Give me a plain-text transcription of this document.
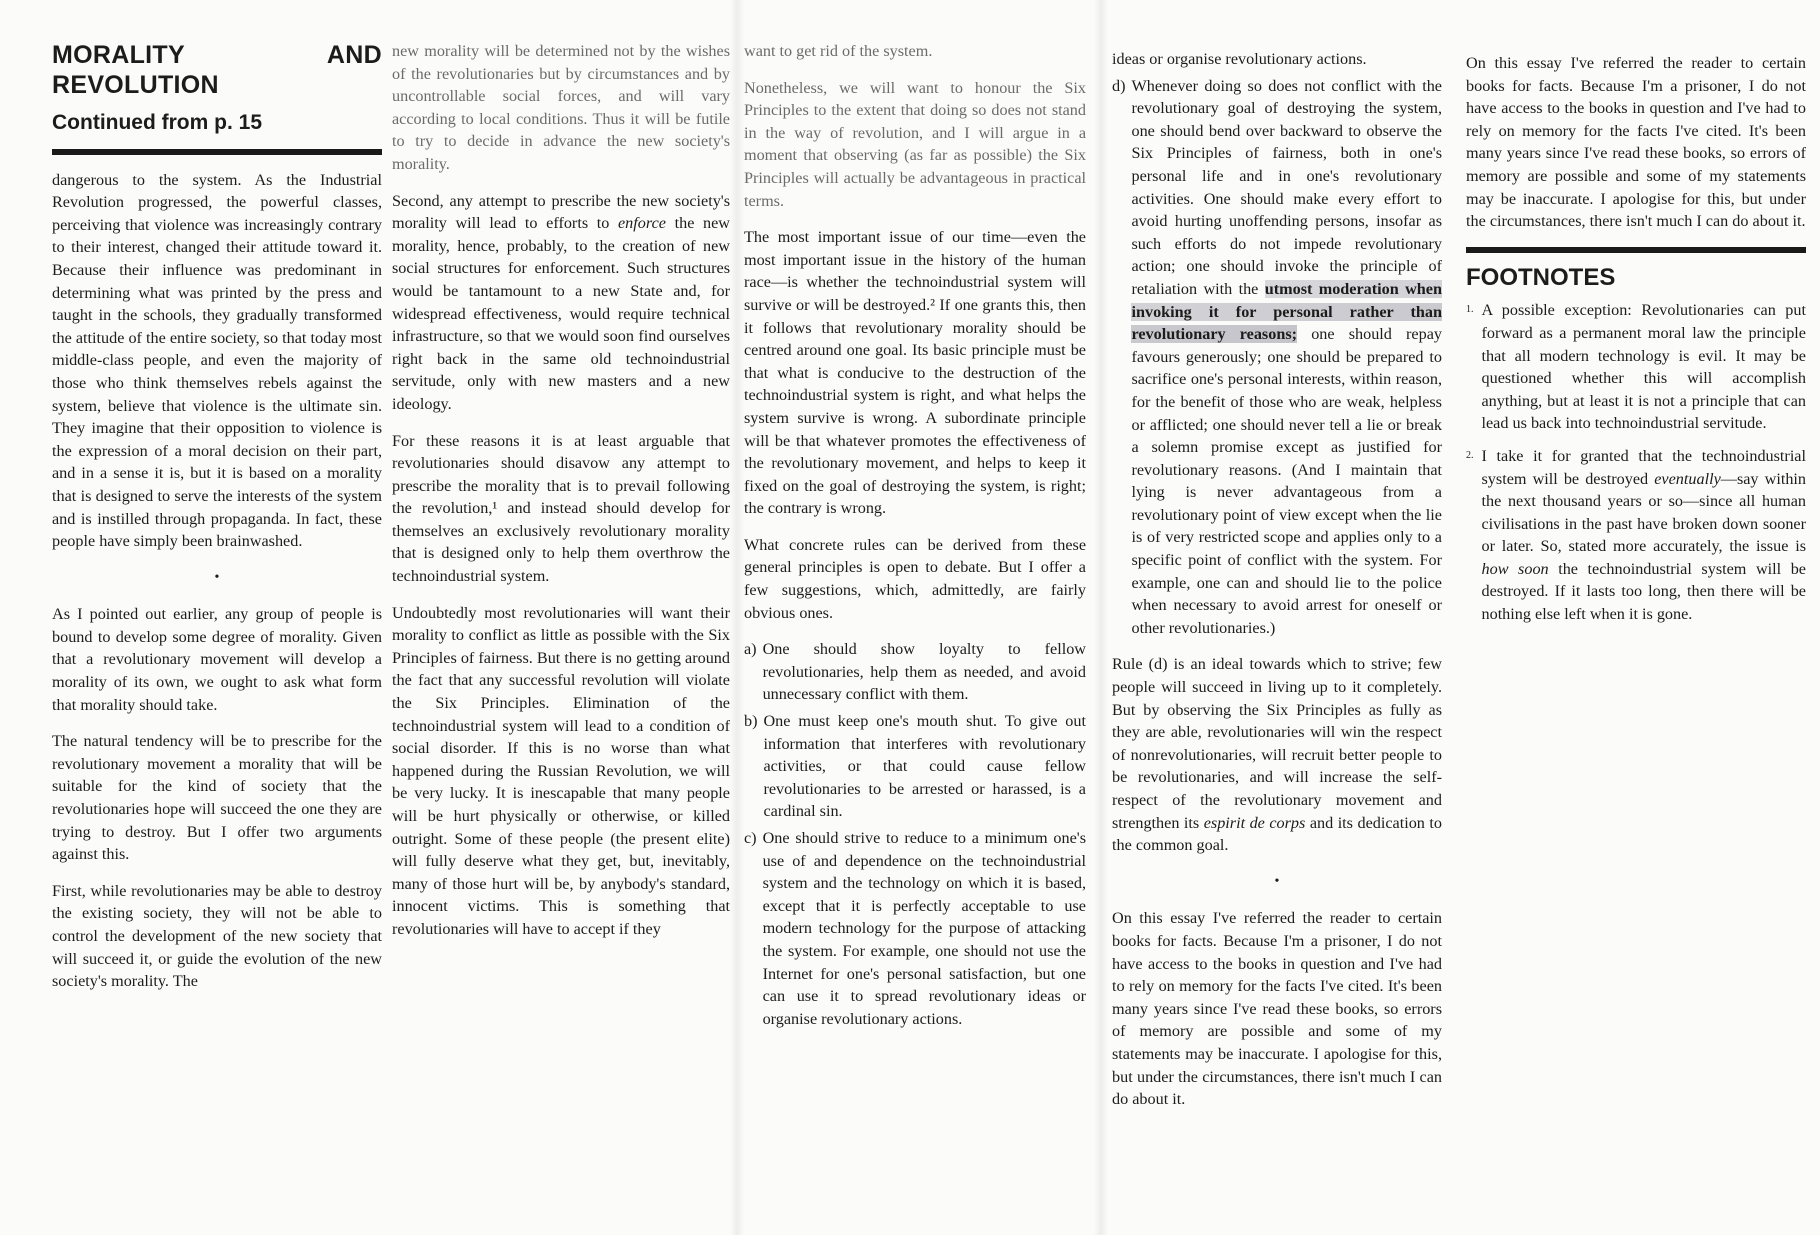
MORALITY AND REVOLUTION
Continued from p. 15

dangerous to the system. As the Industrial Revolution progressed, the powerful classes, perceiving that violence was increasingly contrary to their interest, changed their attitude toward it. Because their influence was predominant in determining what was printed by the press and taught in the schools, they gradually transformed the attitude of the entire society, so that today most middle-class people, and even the majority of those who think themselves rebels against the system, believe that violence is the ultimate sin. They imagine that their opposition to violence is the expression of a moral decision on their part, and in a sense it is, but it is based on a morality that is designed to serve the interests of the system and is instilled through propaganda. In fact, these people have simply been brainwashed.

•

As I pointed out earlier, any group of people is bound to develop some degree of morality. Given that a revolutionary movement will develop a morality of its own, we ought to ask what form that morality should take.

The natural tendency will be to prescribe for the revolutionary movement a morality that will be suitable for the kind of society that the revolutionaries hope will succeed the one they are trying to destroy. But I offer two arguments against this.

First, while revolutionaries may be able to destroy the existing society, they will not be able to control the development of the new society that will succeed it, or guide the evolution of the new society's morality. The

new morality will be determined not by the wishes of the revolutionaries but by circumstances and by uncontrollable social forces, and will vary according to local conditions. Thus it will be futile to try to decide in advance the new society's morality.

Second, any attempt to prescribe the new society's morality will lead to efforts to enforce the new morality, hence, probably, to the creation of new social structures for enforcement. Such structures would be tantamount to a new State and, for widespread effectiveness, would require technical infrastructure, so that we would soon find ourselves right back in the same old technoindustrial servitude, only with new masters and a new ideology.

For these reasons it is at least arguable that revolutionaries should disavow any attempt to prescribe the morality that is to prevail following the revolution,¹ and instead should develop for themselves an exclusively revolutionary morality that is designed only to help them overthrow the technoindustrial system.

Undoubtedly most revolutionaries will want their morality to conflict as little as possible with the Six Principles of fairness. But there is no getting around the fact that any successful revolution will violate the Six Principles. Elimination of the technoindustrial system will lead to a condition of social disorder. If this is no worse than what happened during the Russian Revolution, we will be very lucky. It is inescapable that many people will be hurt physically or otherwise, or killed outright. Some of these people (the present elite) will fully deserve what they get, but, inevitably, many of those hurt will be, by anybody's standard, innocent victims. This is something that revolutionaries will have to accept if they

want to get rid of the system.

Nonetheless, we will want to honour the Six Principles to the extent that doing so does not stand in the way of revolution, and I will argue in a moment that observing (as far as possible) the Six Principles will actually be advantageous in practical terms.

The most important issue of our time—even the most important issue in the history of the human race—is whether the technoindustrial system will survive or will be destroyed.² If one grants this, then it follows that revolutionary morality should be centred around one goal. Its basic principle must be that what is conducive to the destruction of the technoindustrial system is right, and what helps the system survive is wrong. A subordinate principle will be that whatever promotes the effectiveness of the revolutionary movement, and helps to keep it fixed on the goal of destroying the system, is right; the contrary is wrong.

What concrete rules can be derived from these general principles is open to debate. But I offer a few suggestions, which, admittedly, are fairly obvious ones.

a) One should show loyalty to fellow revolutionaries, help them as needed, and avoid unnecessary conflict with them.
b) One must keep one's mouth shut. To give out information that interferes with revolutionary activities, or that could cause fellow revolutionaries to be arrested or harassed, is a cardinal sin.
c) One should strive to reduce to a minimum one's use of and dependence on the technoindustrial system and the technology on which it is based, except that it is perfectly acceptable to use modern technology for the purpose of attacking the system. For example, one should not use the Internet for one's personal satisfaction, but one can use it to spread revolutionary ideas or organise revolutionary actions.

ideas or organise revolutionary actions.

d) Whenever doing so does not conflict with the revolutionary goal of destroying the system, one should bend over backward to observe the Six Principles of fairness, both in one's personal life and in one's revolutionary activities. One should make every effort to avoid hurting unoffending persons, insofar as such efforts do not impede revolutionary action; one should invoke the principle of retaliation with the utmost moderation when invoking it for personal rather than revolutionary reasons; one should repay favours generously; one should be prepared to sacrifice one's personal interests, within reason, for the benefit of those who are weak, helpless or afflicted; one should never tell a lie or break a solemn promise except as justified for revolutionary reasons. (And I maintain that lying is never advantageous from a revolutionary point of view except when the lie is of very restricted scope and applies only to a specific point of conflict with the system. For example, one can and should lie to the police when necessary to avoid arrest for oneself or other revolutionaries.)

Rule (d) is an ideal towards which to strive; few people will succeed in living up to it completely. But by observing the Six Principles as fully as they are able, revolutionaries will win the respect of nonrevolutionaries, will recruit better people to be revolutionaries, and will increase the self-respect of the revolutionary movement and strengthen its espirit de corps and its dedication to the common goal.

•

On this essay I've referred the reader to certain books for facts. Because I'm a prisoner, I do not have access to the books in question and I've had to rely on memory for the facts I've cited. It's been many years since I've read these books, so errors of memory are possible and some of my statements may be inaccurate. I apologise for this, but under the circumstances, there isn't much I can do about it.

On this essay I've referred the reader to certain books for facts. Because I'm a prisoner, I do not have access to the books in question and I've had to rely on memory for the facts I've cited. It's been many years since I've read these books, so errors of memory are possible and some of my statements may be inaccurate. I apologise for this, but under the circumstances, there isn't much I can do about it.

FOOTNOTES
1. A possible exception: Revolutionaries can put forward as a permanent moral law the principle that all modern technology is evil. It may be questioned whether this will accomplish anything, but at least it is not a principle that can lead us back into technoindustrial servitude.
2. I take it for granted that the technoindustrial system will be destroyed eventually—say within the next thousand years or so—since all human civilisations in the past have broken down sooner or later. So, stated more accurately, the issue is how soon the technoindustrial system will be destroyed. If it lasts too long, then there will be nothing else left when it is gone.
